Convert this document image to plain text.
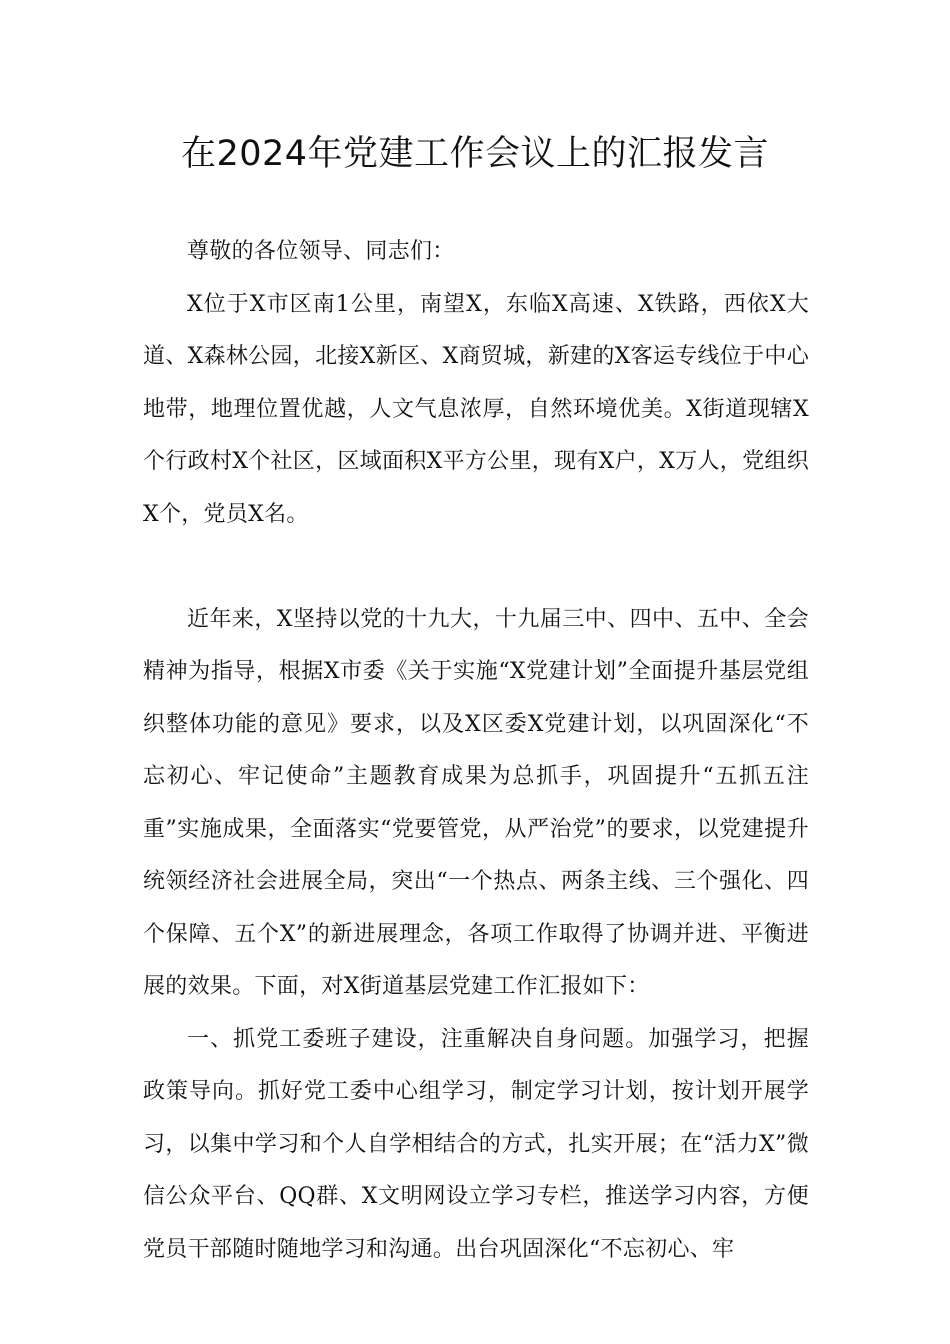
在2024年党建工作会议上的汇报发言

尊敬的各位领导、同志们：

X位于X市区南1公里，南望X，东临X高速、X铁路，西依X大道、X森林公园，北接X新区、X商贸城，新建的X客运专线位于中心地带，地理位置优越，人文气息浓厚，自然环境优美。X街道现辖X个行政村X个社区，区域面积X平方公里，现有X户，X万人，党组织X个，党员X名。

近年来，X坚持以党的十九大，十九届三中、四中、五中、全会精神为指导，根据X市委《关于实施“X党建计划”全面提升基层党组织整体功能的意见》要求，以及X区委X党建计划，以巩固深化“不忘初心、牢记使命”主题教育成果为总抓手，巩固提升“五抓五注重”实施成果，全面落实“党要管党，从严治党”的要求，以党建提升统领经济社会进展全局，突出“一个热点、两条主线、三个强化、四个保障、五个X”的新进展理念，各项工作取得了协调并进、平衡进展的效果。下面，对X街道基层党建工作汇报如下：

一、抓党工委班子建设，注重解决自身问题。加强学习，把握政策导向。抓好党工委中心组学习，制定学习计划，按计划开展学习，以集中学习和个人自学相结合的方式，扎实开展；在“活力X”微信公众平台、QQ群、X文明网设立学习专栏，推送学习内容，方便党员干部随时随地学习和沟通。出台巩固深化“不忘初心、牢
